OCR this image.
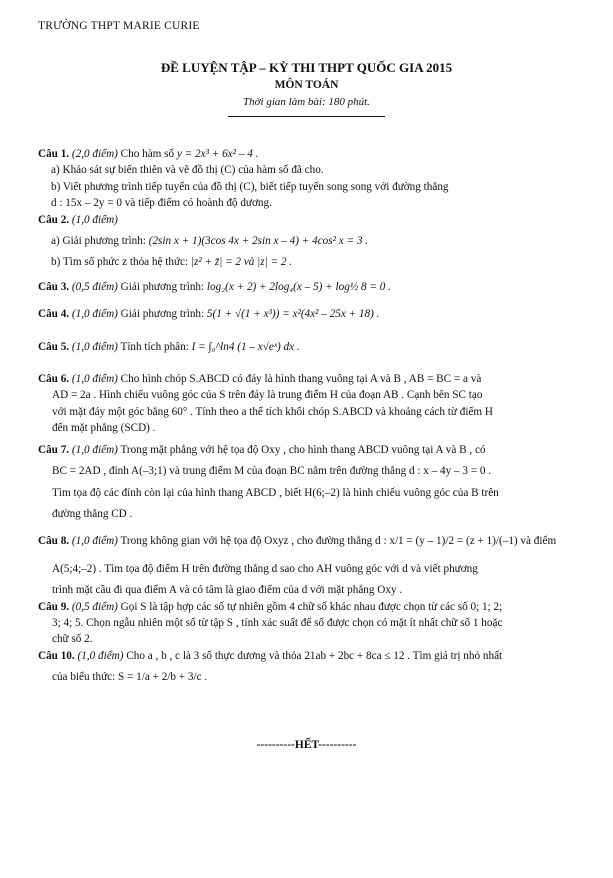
TRƯỜNG THPT MARIE CURIE
ĐỀ LUYỆN TẬP – KỲ THI THPT QUỐC GIA 2015
MÔN TOÁN
Thời gian làm bài: 180 phút.

Câu 1. (2,0 điểm) Cho hàm số y = 2x³ + 6x² – 4 .

a) Khảo sát sự biến thiên và vẽ đồ thị (C) của hàm số đã cho.

b) Viết phương trình tiếp tuyến của đồ thị (C), biết tiếp tuyến song song với đường thẳng

d : 15x – 2y = 0 và tiếp điểm có hoành độ dương.

Câu 2. (1,0 điểm)

a) Giải phương trình: (2sin x + 1)(3cos 4x + 2sin x – 4) + 4cos² x = 3 .

b) Tìm số phức z thỏa hệ thức: |z² + z̄| = 2 và |z| = 2 .

Câu 3. (0,5 điểm) Giải phương trình: log₂(x + 2) + 2log₄(x – 5) + log½ 8 = 0 .

Câu 4. (1,0 điểm) Giải phương trình: 5(1 + √(1 + x³)) = x²(4x² – 25x + 18) .

Câu 5. (1,0 điểm) Tính tích phân: I = ∫₀^ln4 (1 – x√eˣ) dx .

Câu 6. (1,0 điểm) Cho hình chóp S.ABCD có đáy là hình thang vuông tại A và B , AB = BC = a và

AD = 2a . Hình chiếu vuông góc của S trên đáy là trung điểm H của đoạn AB . Cạnh bên SC tạo

với mặt đáy một góc bằng 60° . Tính theo a thể tích khối chóp S.ABCD và khoảng cách từ điểm H

đến mặt phẳng (SCD) .

Câu 7. (1,0 điểm) Trong mặt phẳng với hệ tọa độ Oxy , cho hình thang ABCD vuông tại A và B , có

BC = 2AD , đỉnh A(–3;1) và trung điểm M của đoạn BC nằm trên đường thẳng d : x – 4y – 3 = 0 .

Tìm tọa độ các đỉnh còn lại của hình thang ABCD , biết H(6;–2) là hình chiếu vuông góc của B trên

đường thẳng CD .

Câu 8. (1,0 điểm) Trong không gian với hệ tọa độ Oxyz , cho đường thẳng d : x/1 = (y – 1)/2 = (z + 1)/(–1) và điểm

A(5;4;–2) . Tìm tọa độ điểm H trên đường thẳng d sao cho AH vuông góc với d và viết phương

trình mặt cầu đi qua điểm A và có tâm là giao điểm của d với mặt phẳng Oxy .

Câu 9. (0,5 điểm) Gọi S là tập hợp các số tự nhiên gồm 4 chữ số khác nhau được chọn từ các số 0; 1; 2;

3; 4; 5. Chọn ngẫu nhiên một số từ tập S , tính xác suất để số được chọn có mặt ít nhất chữ số 1 hoặc

chữ số 2.

Câu 10. (1,0 điểm) Cho a , b , c là 3 số thực dương và thỏa 21ab + 2bc + 8ca ≤ 12 . Tìm giá trị nhỏ nhất

của biểu thức: S = 1/a + 2/b + 3/c .

----------HẾT----------
